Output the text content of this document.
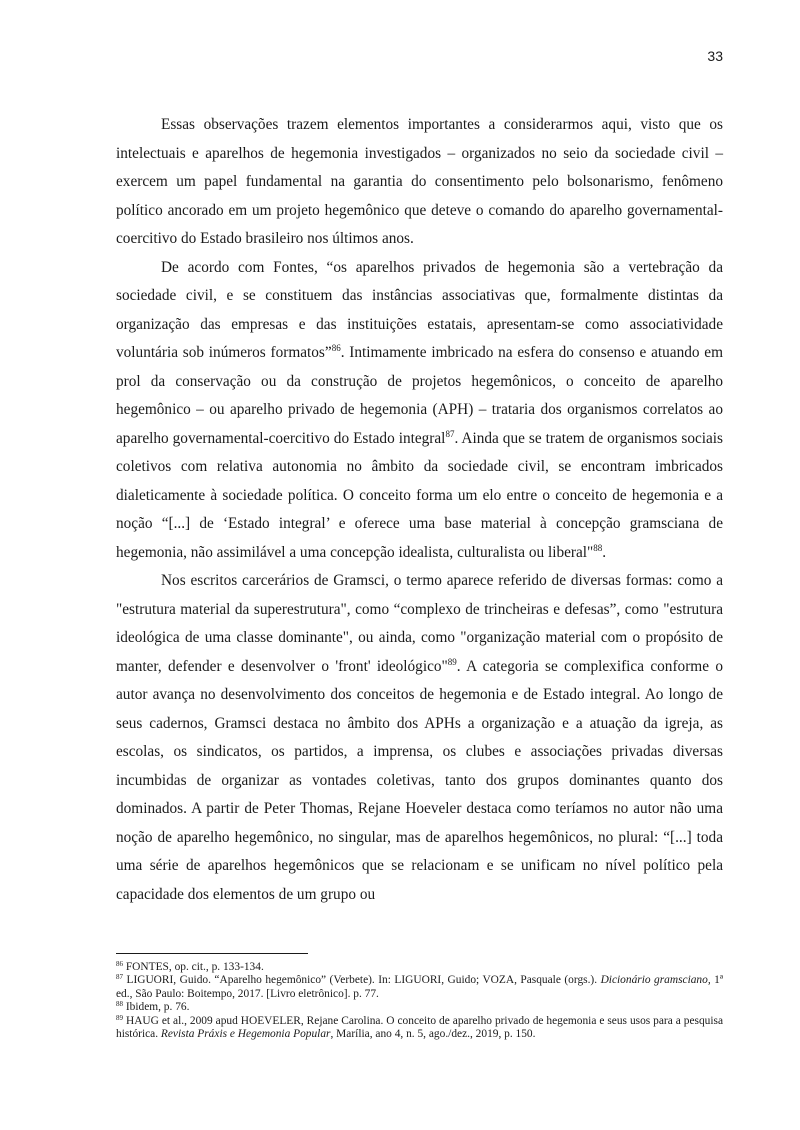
33

Essas observações trazem elementos importantes a considerarmos aqui, visto que os intelectuais e aparelhos de hegemonia investigados – organizados no seio da sociedade civil – exercem um papel fundamental na garantia do consentimento pelo bolsonarismo, fenômeno político ancorado em um projeto hegemônico que deteve o comando do aparelho governamental-coercitivo do Estado brasileiro nos últimos anos.

De acordo com Fontes, “os aparelhos privados de hegemonia são a vertebração da sociedade civil, e se constituem das instâncias associativas que, formalmente distintas da organização das empresas e das instituições estatais, apresentam-se como associatividade voluntária sob inúmeros formatos”$^{86}$. Intimamente imbricado na esfera do consenso e atuando em prol da conservação ou da construção de projetos hegemônicos, o conceito de aparelho hegemônico – ou aparelho privado de hegemonia (APH) – trataria dos organismos correlatos ao aparelho governamental-coercitivo do Estado integral$^{87}$. Ainda que se tratem de organismos sociais coletivos com relativa autonomia no âmbito da sociedade civil, se encontram imbricados dialeticamente à sociedade política. O conceito forma um elo entre o conceito de hegemonia e a noção “[...] de ‘Estado integral’ e oferece uma base material à concepção gramsciana de hegemonia, não assimilável a uma concepção idealista, culturalista ou liberal"$^{88}$.

Nos escritos carcerários de Gramsci, o termo aparece referido de diversas formas: como a "estrutura material da superestrutura", como “complexo de trincheiras e defesas”, como "estrutura ideológica de uma classe dominante", ou ainda, como "organização material com o propósito de manter, defender e desenvolver o 'front' ideológico"$^{89}$. A categoria se complexifica conforme o autor avança no desenvolvimento dos conceitos de hegemonia e de Estado integral. Ao longo de seus cadernos, Gramsci destaca no âmbito dos APHs a organização e a atuação da igreja, as escolas, os sindicatos, os partidos, a imprensa, os clubes e associações privadas diversas incumbidas de organizar as vontades coletivas, tanto dos grupos dominantes quanto dos dominados. A partir de Peter Thomas, Rejane Hoeveler destaca como teríamos no autor não uma noção de aparelho hegemônico, no singular, mas de aparelhos hegemônicos, no plural: “[...] toda uma série de aparelhos hegemônicos que se relacionam e se unificam no nível político pela capacidade dos elementos de um grupo ou

$^{86}$ FONTES, op. cit., p. 133-134.

$^{87}$ LIGUORI, Guido. “Aparelho hegemônico” (Verbete). In: LIGUORI, Guido; VOZA, Pasquale (orgs.). Dicionário gramsciano, 1ª ed., São Paulo: Boitempo, 2017. [Livro eletrônico]. p. 77.

$^{88}$ Ibidem, p. 76.

$^{89}$ HAUG et al., 2009 apud HOEVELER, Rejane Carolina. O conceito de aparelho privado de hegemonia e seus usos para a pesquisa histórica. Revista Práxis e Hegemonia Popular, Marília, ano 4, n. 5, ago./dez., 2019, p. 150.
